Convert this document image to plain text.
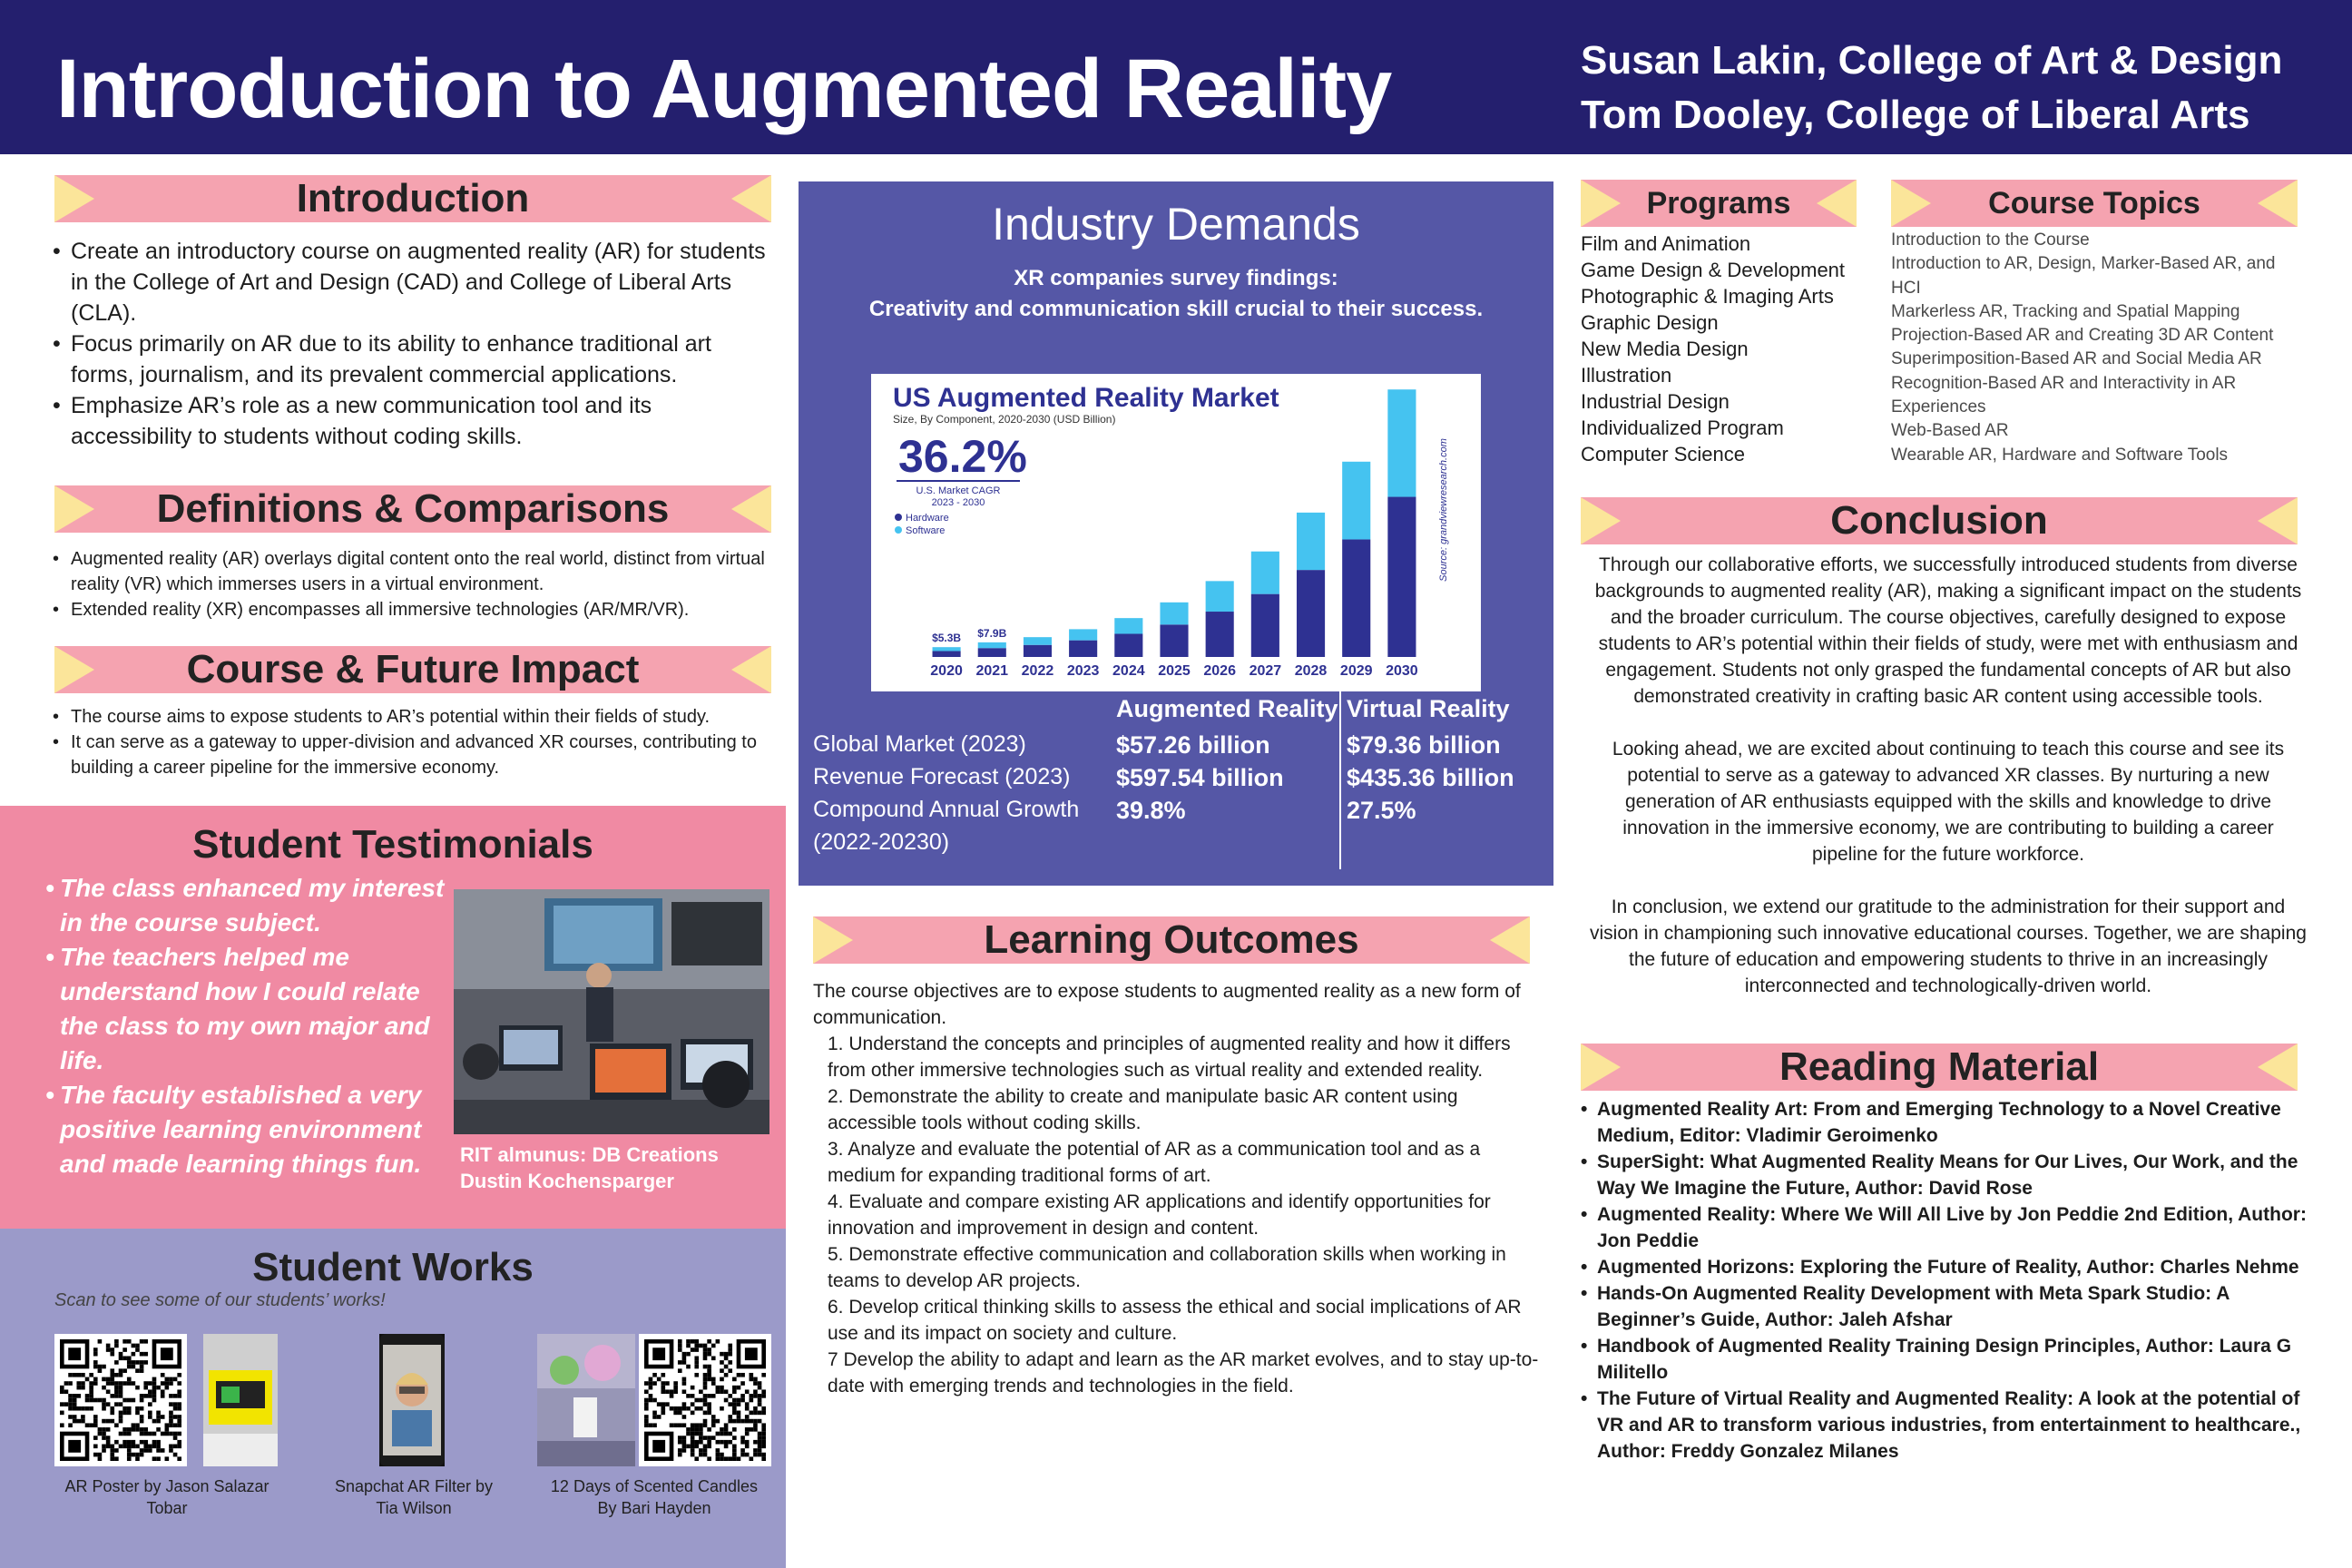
Introduction to Augmented Reality	Susan Lakin, College of Art & Design
Tom Dooley, College of Liberal Arts
Introduction
• Create an introductory course on augmented reality (AR) for students in the College of Art and Design (CAD) and College of Liberal Arts (CLA).
• Focus primarily on AR due to its ability to enhance traditional art forms, journalism, and its prevalent commercial applications.
• Emphasize AR’s role as a new communication tool and its accessibility to students without coding skills.
Definitions & Comparisons
• Augmented reality (AR) overlays digital content onto the real world, distinct from virtual reality (VR) which immerses users in a virtual environment.
• Extended reality (XR) encompasses all immersive technologies (AR/MR/VR).
Course & Future Impact
• The course aims to expose students to AR’s potential within their fields of study.
• It can serve as a gateway to upper-division and advanced XR courses, contributing to building a career pipeline for the immersive economy.
Student Testimonials
• The class enhanced my interest in the course subject.
• The teachers helped me understand how I could relate the class to my own major and life.
• The faculty established a very positive learning environment and made learning things fun.	RIT almunus: DB Creations
Dustin Kochensparger
Student Works
Scan to see some of our students’ works!
AR Poster by Jason Salazar
Tobar
Snapchat AR Filter by
Tia Wilson
12 Days of Scented Candles
By Bari Hayden
Industry Demands
XR companies survey findings:
Creativity and communication skill crucial to their success.
US Augmented Reality Market
Size, By Component, 2020-2030 (USD Billion)
36.2%
U.S. Market CAGR
2023 - 2030
Hardware
Software	Source: grandviewresearch.com
2020
$5.3B
2021
$7.9B
2022 2023 2024 2025 2026 2027 2028 2029 2030
Augmented Reality Virtual Reality
Global Market (2023)	$57.26 billion	$79.36 billion
Revenue Forecast (2023) $597.54 billion	$435.36 billion
Compound Annual Growth 39.8%	27.5%
(2022-20230)
Learning Outcomes
The course objectives are to expose students to augmented reality as a new form of communication.
1. Understand the concepts and principles of augmented reality and how it differs from other immersive technologies such as virtual reality and extended reality.
2. Demonstrate the ability to create and manipulate basic AR content using accessible tools without coding skills.
3. Analyze and evaluate the potential of AR as a communication tool and as a medium for expanding traditional forms of art.
4. Evaluate and compare existing AR applications and identify opportunities for innovation and improvement in design and content.
5. Demonstrate effective communication and collaboration skills when working in teams to develop AR projects.
6. Develop critical thinking skills to assess the ethical and social implications of AR use and its impact on society and culture.
7 Develop the ability to adapt and learn as the AR market evolves, and to stay up-to-date with emerging trends and technologies in the field.
Programs
Film and Animation
Game Design & Development
Photographic & Imaging Arts
Graphic Design
New Media Design
Illustration
Industrial Design
Individualized Program
Computer Science
Course Topics
Introduction to the Course
Introduction to AR, Design, Marker-Based AR, and HCI
Markerless AR, Tracking and Spatial Mapping
Projection-Based AR and Creating 3D AR Content
Superimposition-Based AR and Social Media AR
Recognition-Based AR and Interactivity in AR Experiences
Web-Based AR
Wearable AR, Hardware and Software Tools
Conclusion

Through our collaborative efforts, we successfully introduced students from diverse backgrounds to augmented reality (AR), making a significant impact on the students and the broader curriculum. The course objectives, carefully designed to expose students to AR’s potential within their fields of study, were met with enthusiasm and engagement. Students not only grasped the fundamental concepts of AR but also demonstrated creativity in crafting basic AR content using accessible tools.

Looking ahead, we are excited about continuing to teach this course and see its potential to serve as a gateway to advanced XR classes. By nurturing a new generation of AR enthusiasts equipped with the skills and knowledge to drive innovation in the immersive economy, we are contributing to building a career pipeline for the future workforce.

In conclusion, we extend our gratitude to the administration for their support and vision in championing such innovative educational courses. Together, we are shaping the future of education and empowering students to thrive in an increasingly interconnected and technologically-driven world.

Reading Material
• Augmented Reality Art: From and Emerging Technology to a Novel Creative Medium, Editor: Vladimir Geroimenko
• SuperSight: What Augmented Reality Means for Our Lives, Our Work, and the Way We Imagine the Future, Author: David Rose
• Augmented Reality: Where We Will All Live by Jon Peddie 2nd Edition, Author: Jon Peddie
• Augmented Horizons: Exploring the Future of Reality, Author: Charles Nehme
• Hands-On Augmented Reality Development with Meta Spark Studio: A Beginner’s Guide, Author: Jaleh Afshar
• Handbook of Augmented Reality Training Design Principles, Author: Laura G Militello
• The Future of Virtual Reality and Augmented Reality: A look at the potential of VR and AR to transform various industries, from entertainment to healthcare., Author: Freddy Gonzalez Milanes
